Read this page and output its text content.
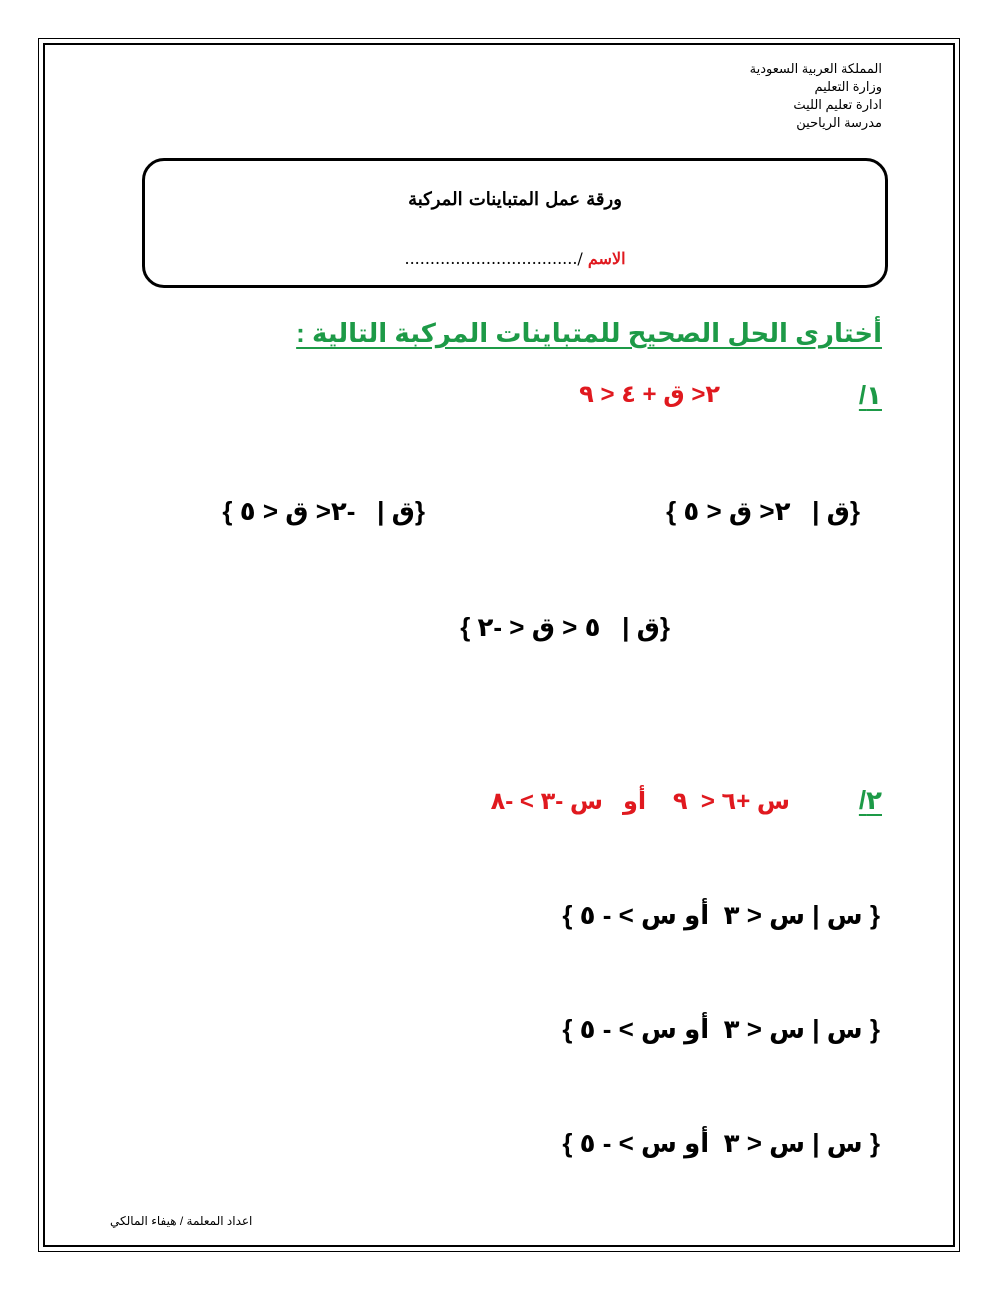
المملكة العربية السعودية
وزارة التعليم
ادارة تعليم الليث
مدرسة الرياحين
ورقة عمل المتباينات المركبة
الاسم /..................................
أختارى الحل الصحيح للمتباينات المركبة التالية :
١/
٢< ق + ٤ < ٩
{ق |   ٢< ق < ٥ }
{ق |   -٢< ق < ٥ }
{ق |   ٥ < ق < -٢ }
٢/
س +٦ <  ٩    أو   س -٣ > -٨
{ س | س < ٣  أو س > - ٥ }
{ س | س < ٣  أو س > - ٥ }
{ س | س < ٣  أو س > - ٥ }
اعداد المعلمة / هيفاء المالكي
